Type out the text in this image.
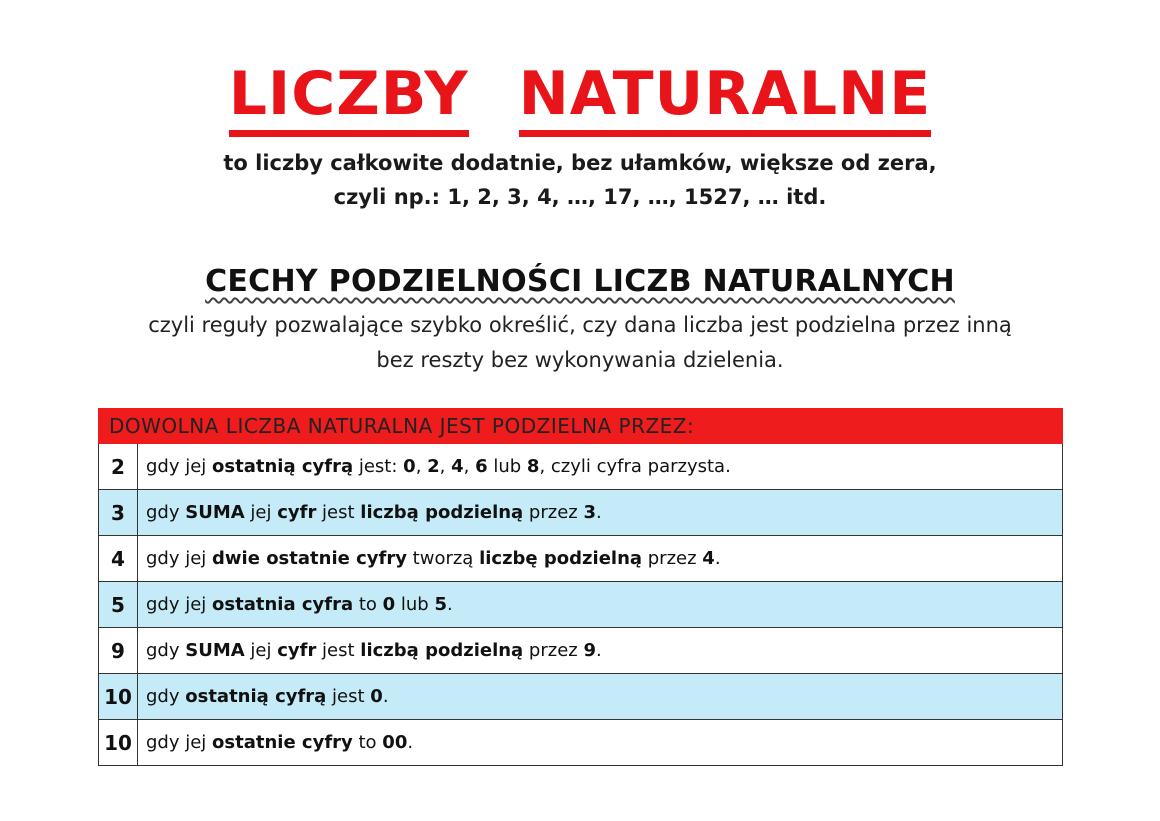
LICZBY NATURALNE
to liczby całkowite dodatnie, bez ułamków, większe od zera,
czyli np.: 1, 2, 3, 4, …, 17, …, 1527, … itd.
CECHY PODZIELNOŚCI LICZB NATURALNYCH
czyli reguły pozwalające szybko określić, czy dana liczba jest podzielna przez inną
bez reszty bez wykonywania dzielenia.
DOWOLNA LICZBA NATURALNA JEST PODZIELNA PRZEZ:	
2	gdy jej ostatnią cyfrą jest: 0, 2, 4, 6 lub 8, czyli cyfra parzysta.
3	gdy SUMA jej cyfr jest liczbą podzielną przez 3.
4	gdy jej dwie ostatnie cyfry tworzą liczbę podzielną przez 4.
5	gdy jej ostatnia cyfra to 0 lub 5.
9	gdy SUMA jej cyfr jest liczbą podzielną przez 9.
10	gdy ostatnią cyfrą jest 0.
10	gdy jej ostatnie cyfry to 00.
